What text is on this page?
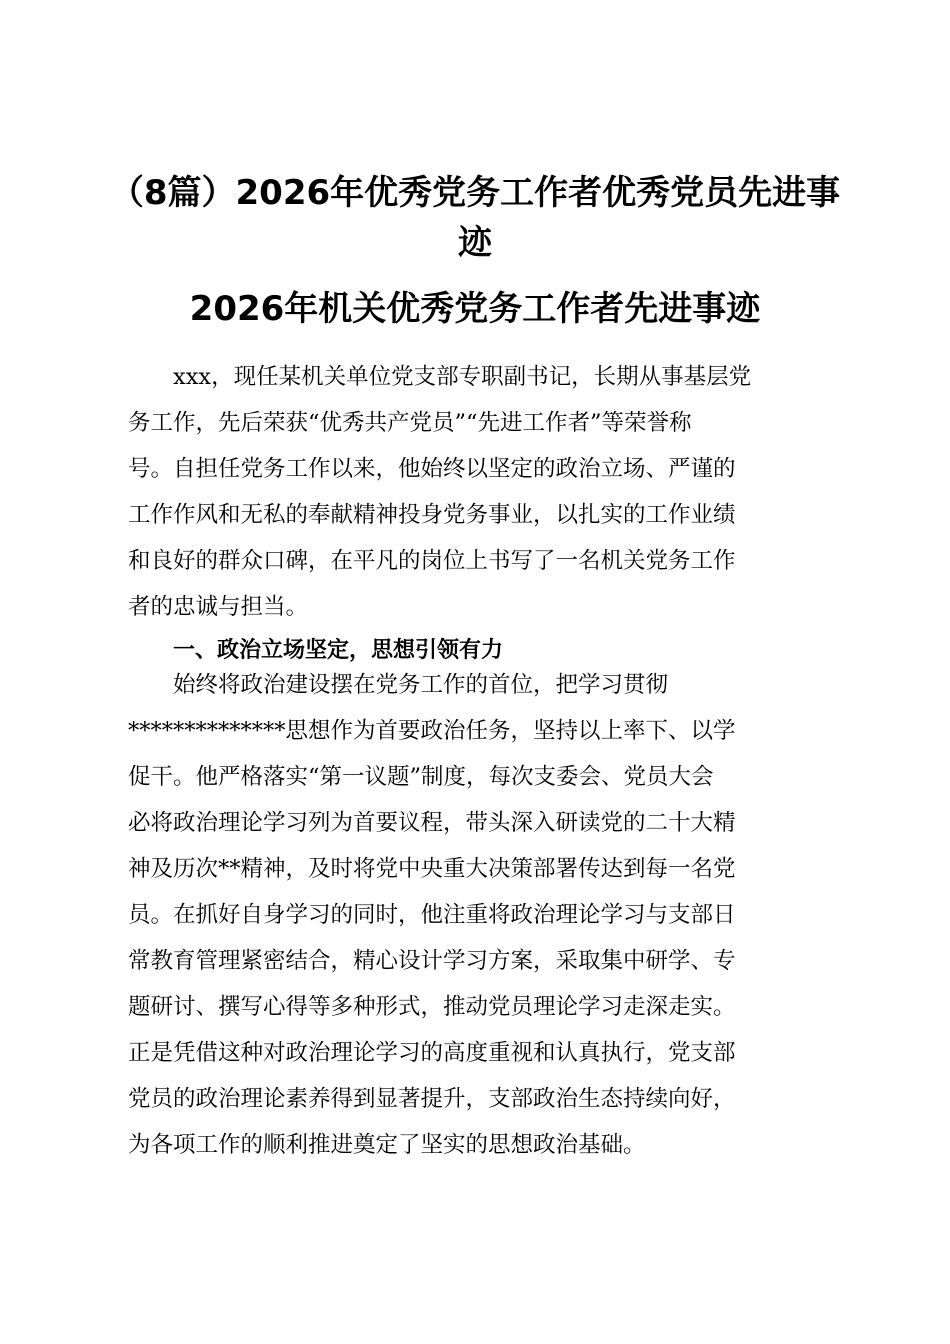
（8篇）2026年优秀党务工作者优秀党员先进事迹
2026年机关优秀党务工作者先进事迹
xxx，现任某机关单位党支部专职副书记，长期从事基层党
务工作，先后荣获“优秀共产党员”“先进工作者”等荣誉称
号。自担任党务工作以来，他始终以坚定的政治立场、严谨的
工作作风和无私的奉献精神投身党务事业，以扎实的工作业绩
和良好的群众口碑，在平凡的岗位上书写了一名机关党务工作
者的忠诚与担当。
一、政治立场坚定，思想引领有力
始终将政治建设摆在党务工作的首位，把学习贯彻
**************思想作为首要政治任务，坚持以上率下、以学
促干。他严格落实“第一议题”制度，每次支委会、党员大会
必将政治理论学习列为首要议程，带头深入研读党的二十大精
神及历次**精神，及时将党中央重大决策部署传达到每一名党
员。在抓好自身学习的同时，他注重将政治理论学习与支部日
常教育管理紧密结合，精心设计学习方案，采取集中研学、专
题研讨、撰写心得等多种形式，推动党员理论学习走深走实。
正是凭借这种对政治理论学习的高度重视和认真执行，党支部
党员的政治理论素养得到显著提升，支部政治生态持续向好，
为各项工作的顺利推进奠定了坚实的思想政治基础。
